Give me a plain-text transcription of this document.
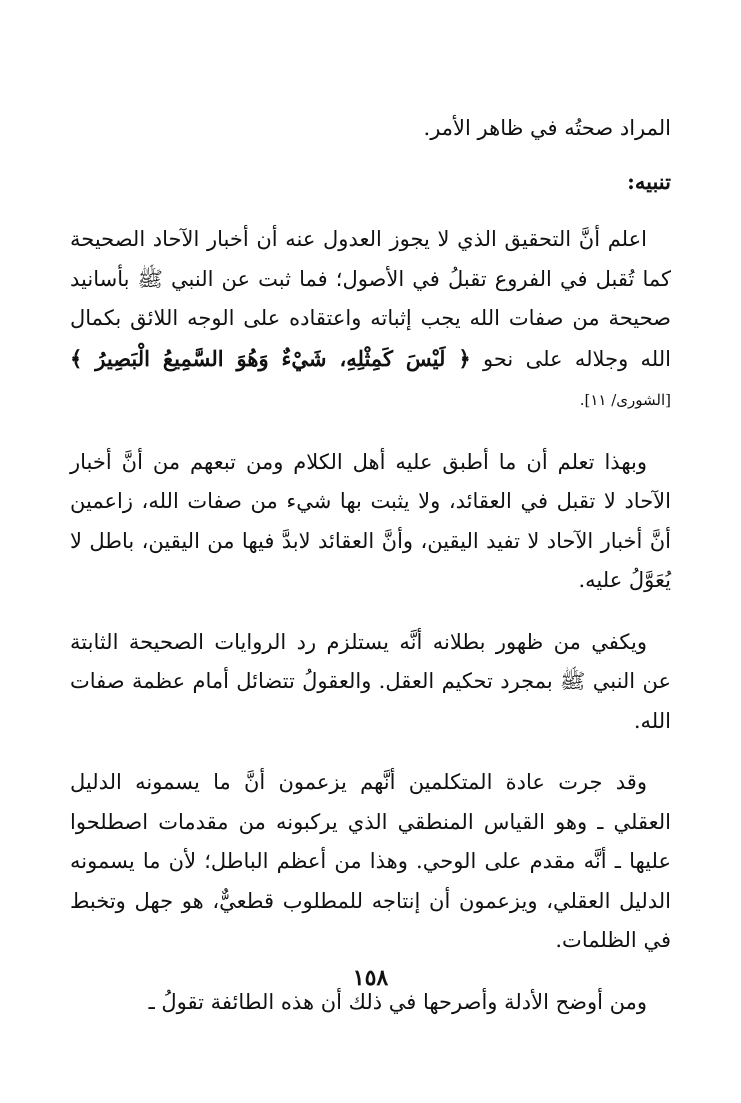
المراد صحتُه في ظاهر الأمر.

تنبيه:

اعلم أنَّ التحقيق الذي لا يجوز العدول عنه أن أخبار الآحاد الصحيحة كما تُقبل في الفروع تقبلُ في الأصول؛ فما ثبت عن النبي ﷺ بأسانيد صحيحة من صفات الله يجب إثباته واعتقاده على الوجه اللائق بكمال الله وجلاله على نحو ﴿ لَيْسَ كَمِثْلِهِ، شَيْءٌ وَهُوَ السَّمِيعُ الْبَصِيرُ ﴾ [الشورى/ ١١].

وبهذا تعلم أن ما أطبق عليه أهل الكلام ومن تبعهم من أنَّ أخبار الآحاد لا تقبل في العقائد، ولا يثبت بها شيء من صفات الله، زاعمين أنَّ أخبار الآحاد لا تفيد اليقين، وأنَّ العقائد لابدَّ فيها من اليقين، باطل لا يُعَوَّلُ عليه.

ويكفي من ظهور بطلانه أنَّه يستلزم رد الروايات الصحيحة الثابتة عن النبي ﷺ بمجرد تحكيم العقل. والعقولُ تتضائل أمام عظمة صفات الله.

وقد جرت عادة المتكلمين أنَّهم يزعمون أنَّ ما يسمونه الدليل العقلي ـ وهو القياس المنطقي الذي يركبونه من مقدمات اصطلحوا عليها ـ أنَّه مقدم على الوحي. وهذا من أعظم الباطل؛ لأن ما يسمونه الدليل العقلي، ويزعمون أن إنتاجه للمطلوب قطعيٌّ، هو جهل وتخبط في الظلمات.

ومن أوضح الأدلة وأصرحها في ذلك أن هذه الطائفة تقولُ ـ

١٥٨
